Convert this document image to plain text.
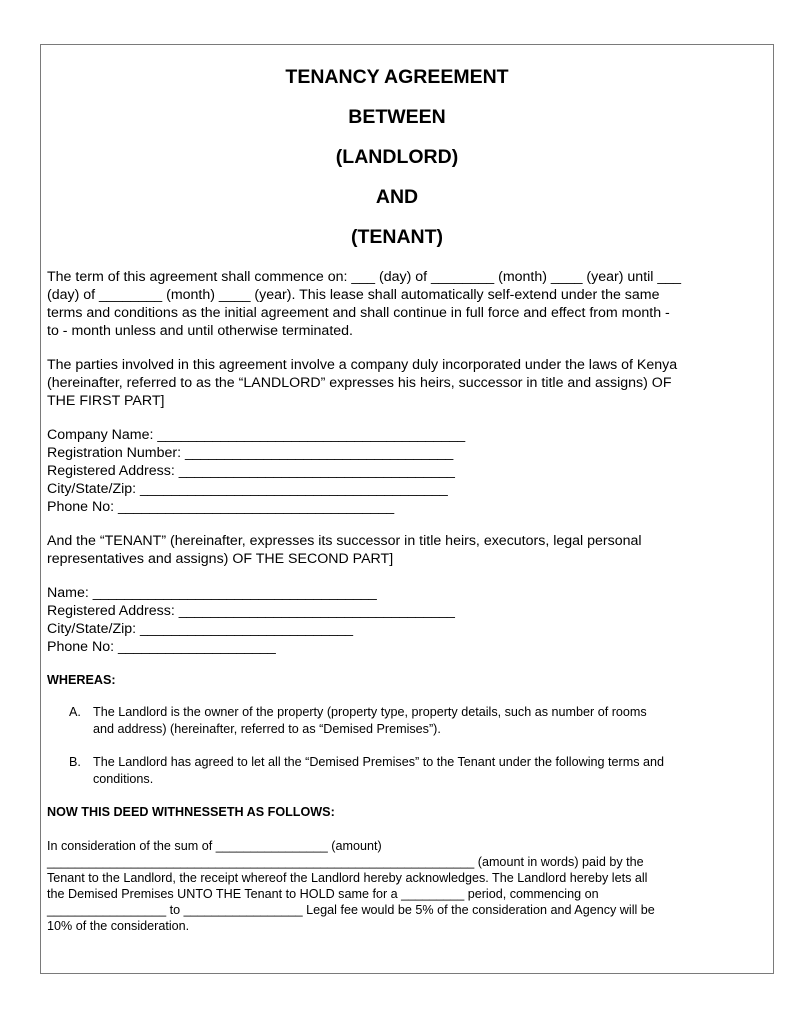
TENANCY AGREEMENT
BETWEEN
(LANDLORD)
AND
(TENANT)

The term of this agreement shall commence on: ___ (day) of ________ (month) ____ (year) until ___

(day) of ________ (month) ____ (year). This lease shall automatically self-extend under the same

terms and conditions as the initial agreement and shall continue in full force and effect from month -

to - month unless and until otherwise terminated.

The parties involved in this agreement involve a company duly incorporated under the laws of Kenya

(hereinafter, referred to as the “LANDLORD” expresses his heirs, successor in title and assigns) OF

THE FIRST PART]

Company Name: _______________________________________

Registration Number: __________________________________

Registered Address: ___________________________________

City/State/Zip: _______________________________________

Phone No: ___________________________________

And the “TENANT” (hereinafter, expresses its successor in title heirs, executors, legal personal

representatives and assigns) OF THE SECOND PART]

Name: ____________________________________

Registered Address: ___________________________________

City/State/Zip: ___________________________

Phone No: ____________________

WHEREAS:

A. The Landlord is the owner of the property (property type, property details, such as number of rooms
and address) (hereinafter, referred to as “Demised Premises”).
B. The Landlord has agreed to let all the “Demised Premises” to the Tenant under the following terms and
conditions.

NOW THIS DEED WITHNESSETH AS FOLLOWS:

In consideration of the sum of ________________ (amount)

_____________________________________________________________ (amount in words) paid by the

Tenant to the Landlord, the receipt whereof the Landlord hereby acknowledges. The Landlord hereby lets all

the Demised Premises UNTO THE Tenant to HOLD same for a _________ period, commencing on

_________________ to _________________ Legal fee would be 5% of the consideration and Agency will be

10% of the consideration.
